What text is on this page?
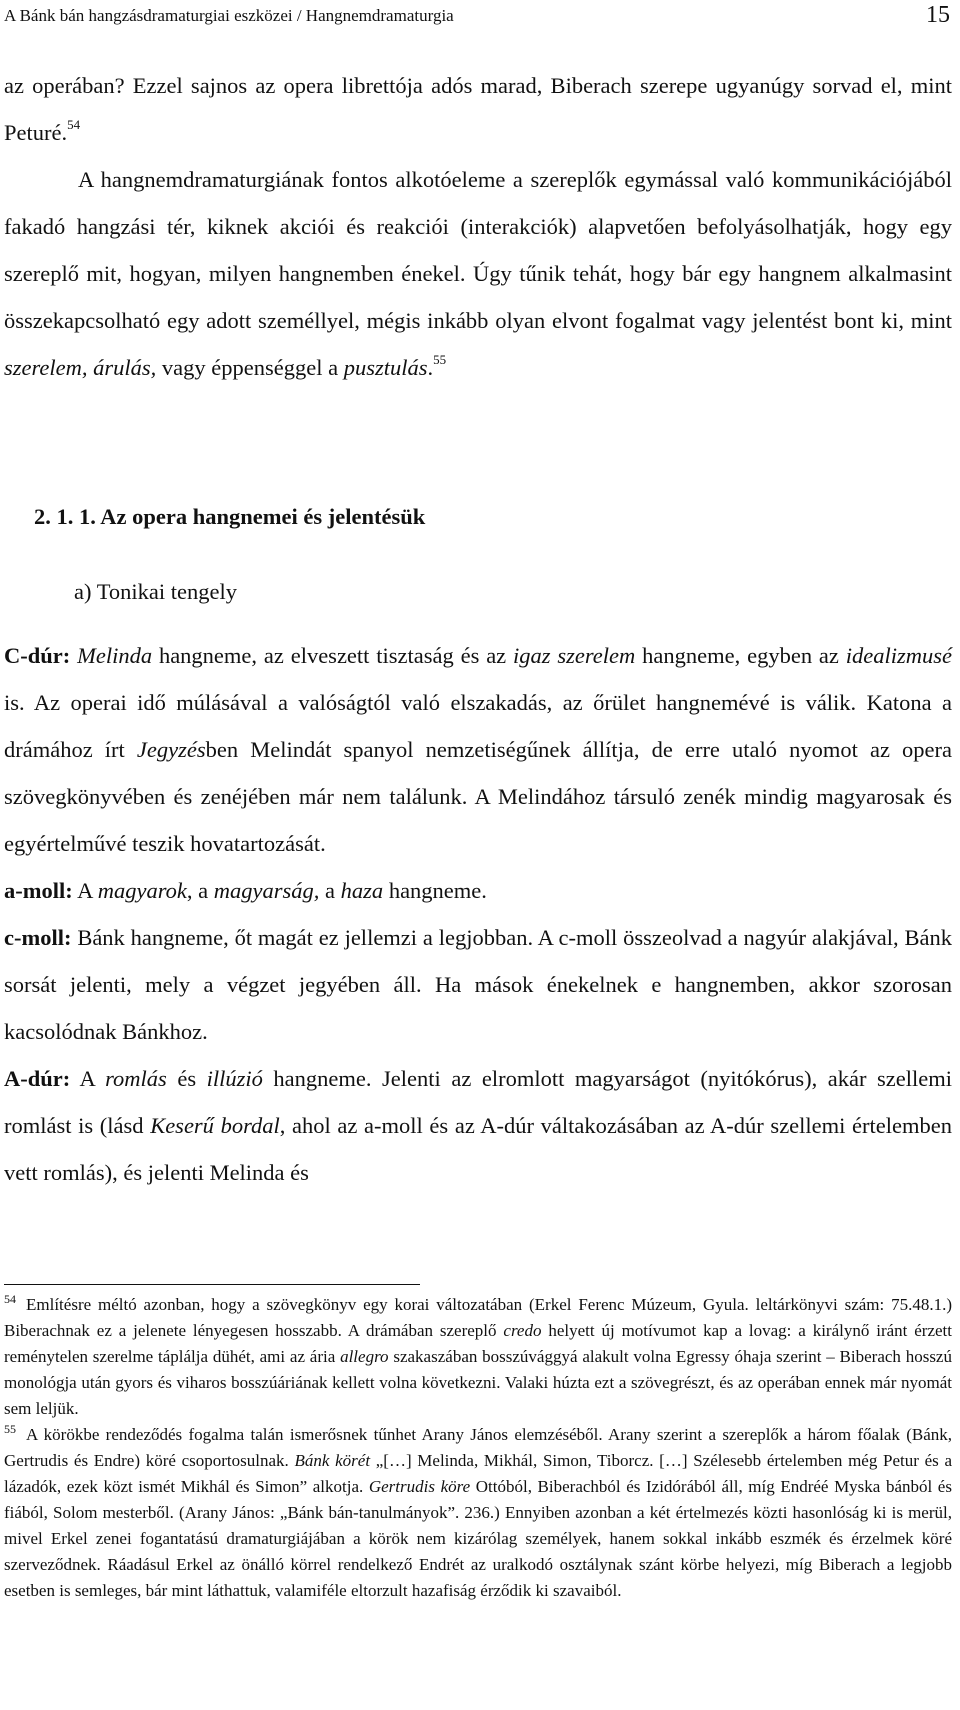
A Bánk bán hangzásdramaturgiai eszközei / Hangnemdramaturgia	15

az operában? Ezzel sajnos az opera librettója adós marad, Biberach szerepe ugyanúgy sorvad el, mint Peturé.$^{54}$

A hangnemdramaturgiának fontos alkotóeleme a szereplők egymással való kommunikációjából fakadó hangzási tér, kiknek akciói és reakciói (interakciók) alapvetően befolyásolhatják, hogy egy szereplő mit, hogyan, milyen hangnemben énekel. Úgy tűnik tehát, hogy bár egy hangnem alkalmasint összekapcsolható egy adott személlyel, mégis inkább olyan elvont fogalmat vagy jelentést bont ki, mint szerelem, árulás, vagy éppenséggel a pusztulás.$^{55}$

2. 1. 1. Az opera hangnemei és jelentésük
a) Tonikai tengely

C-dúr: Melinda hangneme, az elveszett tisztaság és az igaz szerelem hangneme, egyben az idealizmusé is. Az operai idő múlásával a valóságtól való elszakadás, az őrület hangnemévé is válik. Katona a drámához írt Jegyzésben Melindát spanyol nemzetiségűnek állítja, de erre utaló nyomot az opera szövegkönyvében és zenéjében már nem találunk. A Melindához társuló zenék mindig magyarosak és egyértelművé teszik hovatartozását.

a-moll: A magyarok, a magyarság, a haza hangneme.

c-moll: Bánk hangneme, őt magát ez jellemzi a legjobban. A c-moll összeolvad a nagyúr alakjával, Bánk sorsát jelenti, mely a végzet jegyében áll. Ha mások énekelnek e hangnemben, akkor szorosan kacsolódnak Bánkhoz.

A-dúr: A romlás és illúzió hangneme. Jelenti az elromlott magyarságot (nyitókórus), akár szellemi romlást is (lásd Keserű bordal, ahol az a-moll és az A-dúr váltakozásában az A-dúr szellemi értelemben vett romlás), és jelenti Melinda és

$^{54}$ Említésre méltó azonban, hogy a szövegkönyv egy korai változatában (Erkel Ferenc Múzeum, Gyula. leltárkönyvi szám: 75.48.1.) Biberachnak ez a jelenete lényegesen hosszabb. A drámában szereplő credo helyett új motívumot kap a lovag: a királynő iránt érzett reménytelen szerelme táplálja dühét, ami az ária allegro szakaszában bosszúvággyá alakult volna Egressy óhaja szerint – Biberach hosszú monológja után gyors és viharos bosszúáriának kellett volna következni. Valaki húzta ezt a szövegrészt, és az operában ennek már nyomát sem leljük.

$^{55}$ A körökbe rendeződés fogalma talán ismerősnek tűnhet Arany János elemzéséből. Arany szerint a szereplők a három főalak (Bánk, Gertrudis és Endre) köré csoportosulnak. Bánk körét „[…] Melinda, Mikhál, Simon, Tiborcz. […] Szélesebb értelemben még Petur és a lázadók, ezek közt ismét Mikhál és Simon” alkotja. Gertrudis köre Ottóból, Biberachból és Izidórából áll, míg Endréé Myska bánból és fiából, Solom mesterből. (Arany János: „Bánk bán-tanulmányok”. 236.) Ennyiben azonban a két értelmezés közti hasonlóság ki is merül, mivel Erkel zenei fogantatású dramaturgiájában a körök nem kizárólag személyek, hanem sokkal inkább eszmék és érzelmek köré szerveződnek. Ráadásul Erkel az önálló körrel rendelkező Endrét az uralkodó osztálynak szánt körbe helyezi, míg Biberach a legjobb esetben is semleges, bár mint láthattuk, valamiféle eltorzult hazafiság érződik ki szavaiból.
